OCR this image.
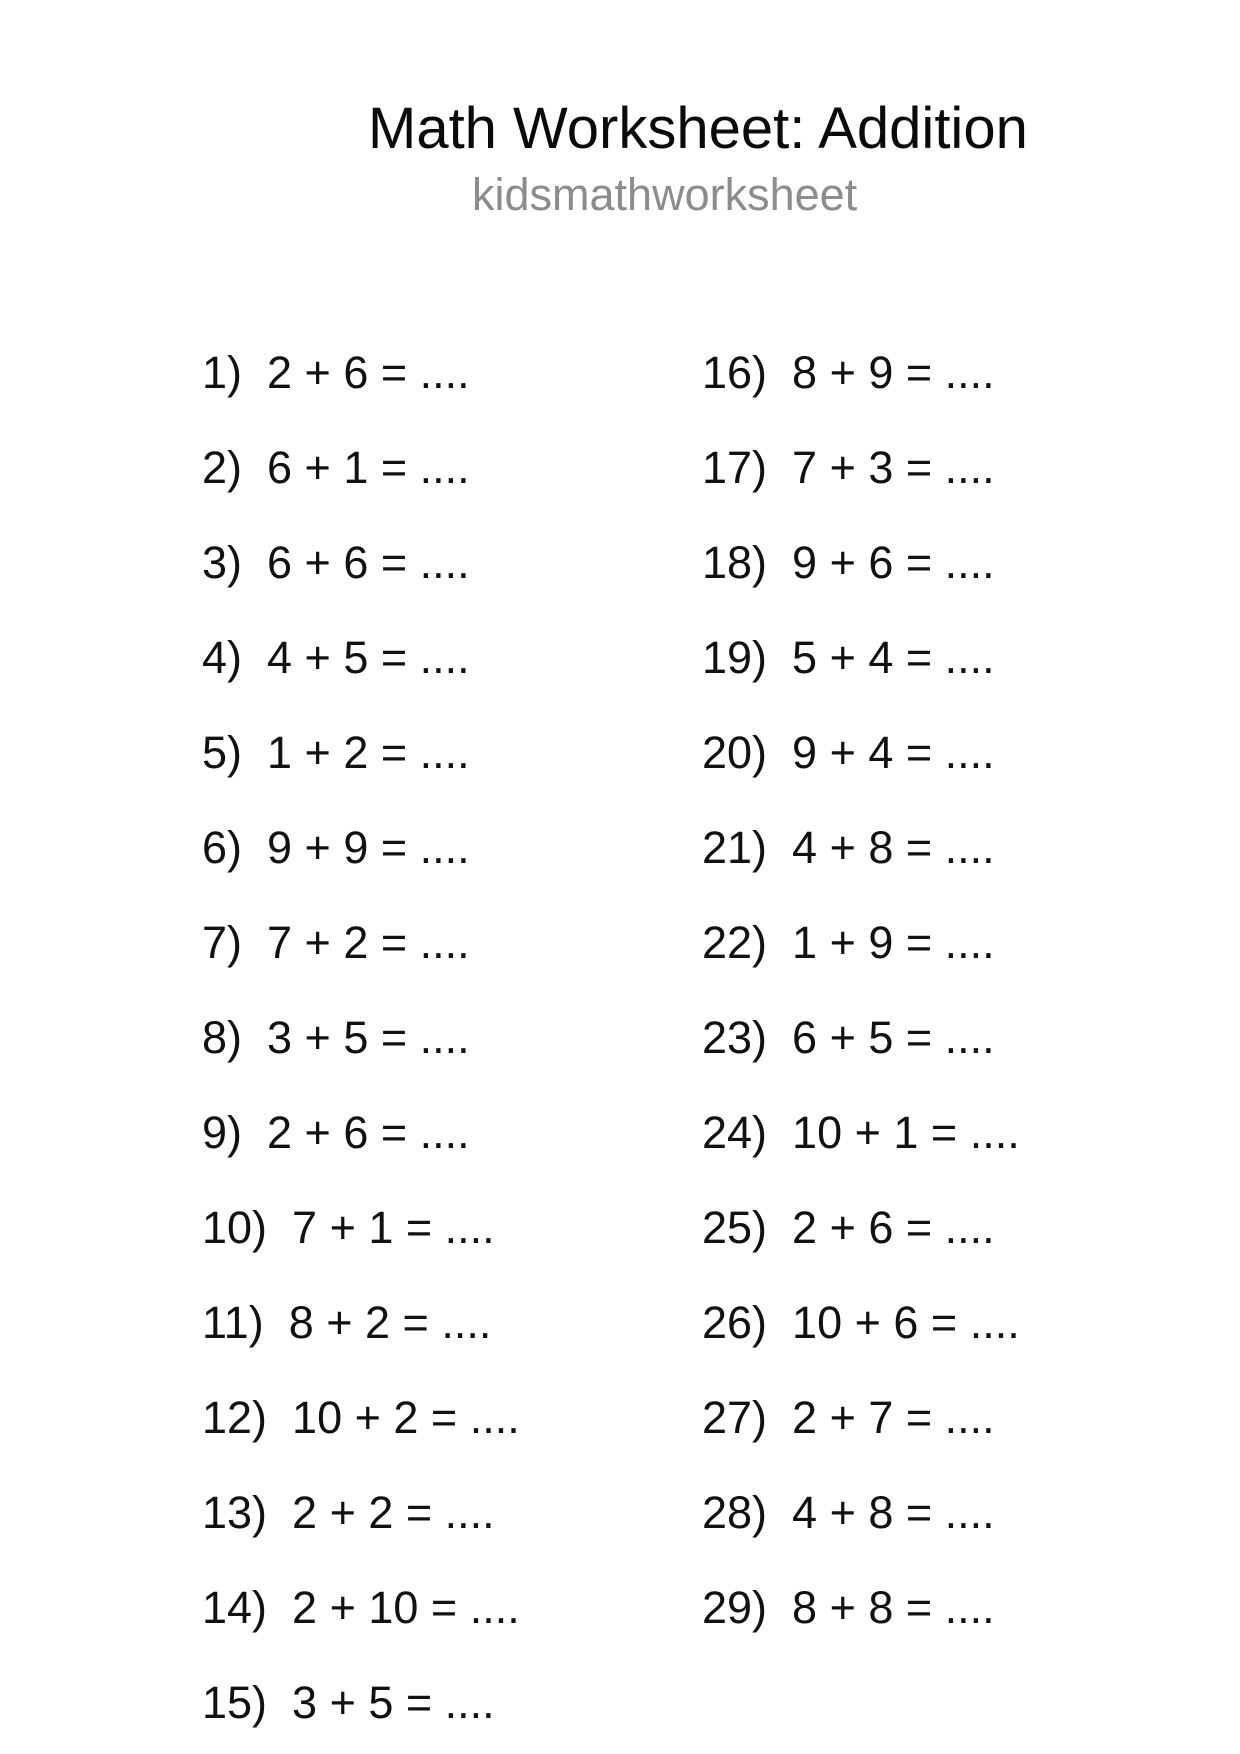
Math Worksheet: Addition
kidsmathworksheet
1) 2 + 6 = ....
2) 6 + 1 = ....
3) 6 + 6 = ....
4) 4 + 5 = ....
5) 1 + 2 = ....
6) 9 + 9 = ....
7) 7 + 2 = ....
8) 3 + 5 = ....
9) 2 + 6 = ....
10) 7 + 1 = ....
11) 8 + 2 = ....
12) 10 + 2 = ....
13) 2 + 2 = ....
14) 2 + 10 = ....
15) 3 + 5 = ....
16) 8 + 9 = ....
17) 7 + 3 = ....
18) 9 + 6 = ....
19) 5 + 4 = ....
20) 9 + 4 = ....
21) 4 + 8 = ....
22) 1 + 9 = ....
23) 6 + 5 = ....
24) 10 + 1 = ....
25) 2 + 6 = ....
26) 10 + 6 = ....
27) 2 + 7 = ....
28) 4 + 8 = ....
29) 8 + 8 = ....
